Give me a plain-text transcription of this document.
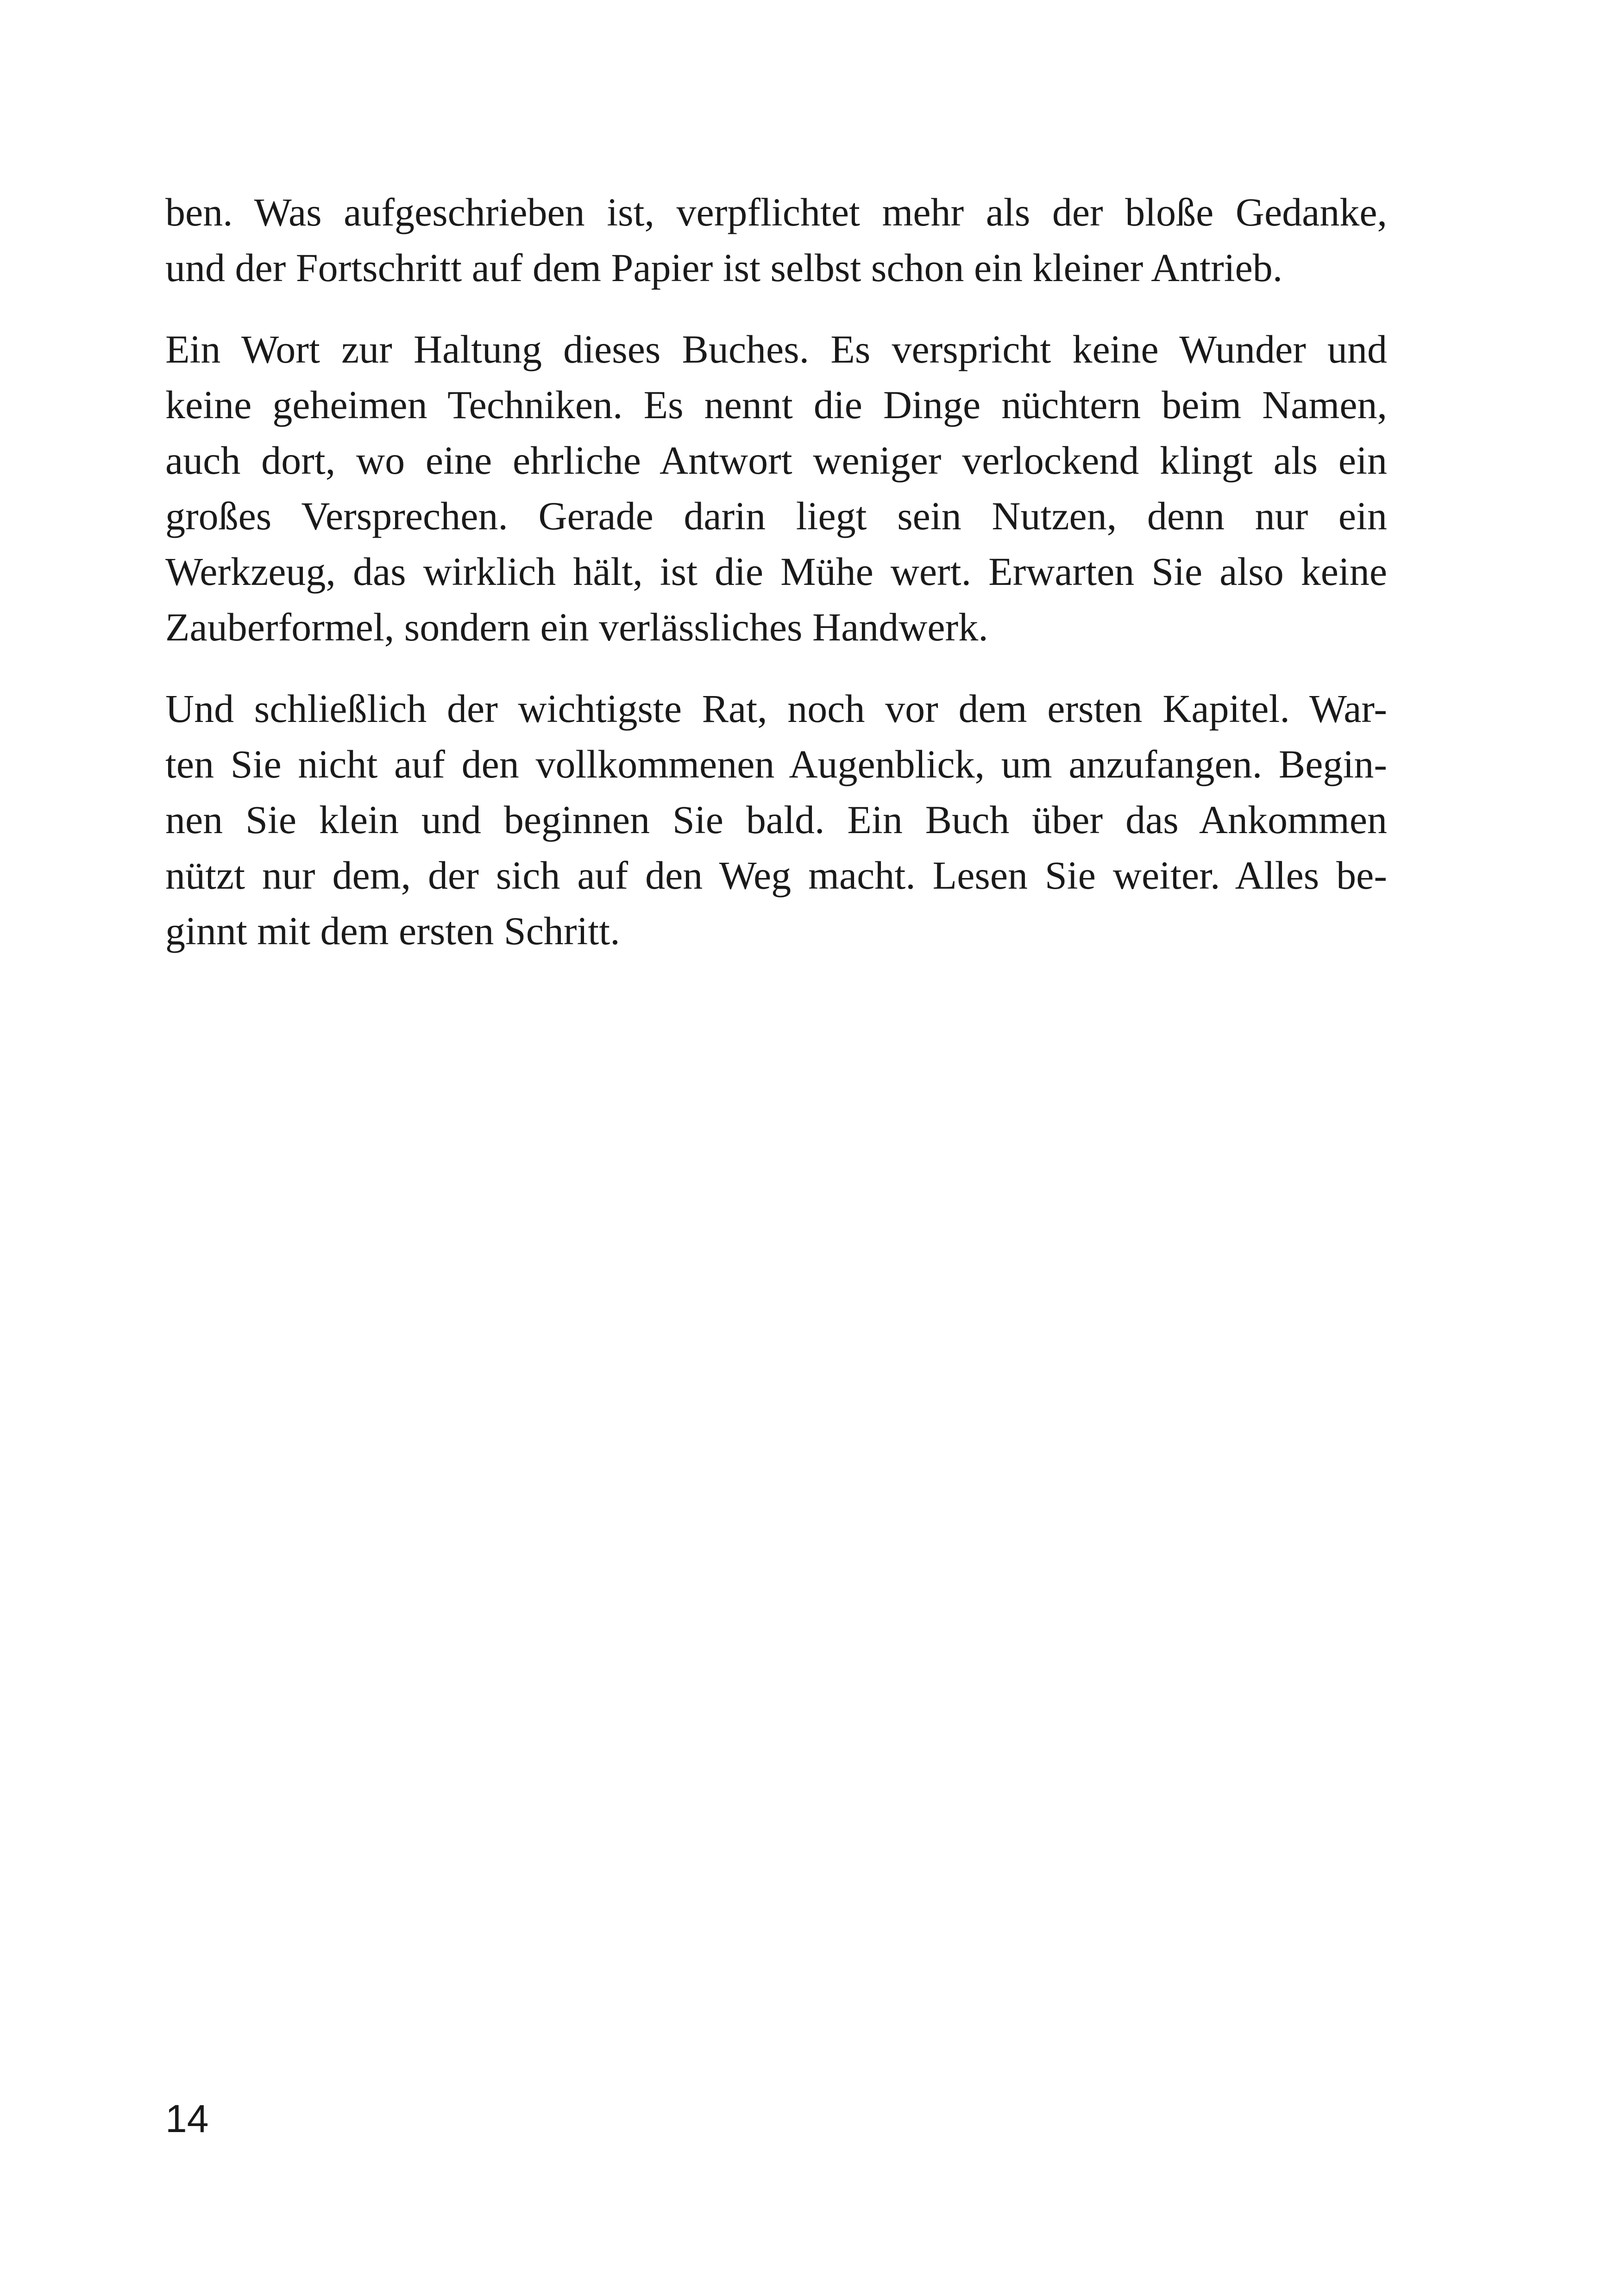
ben. Was aufgeschrieben ist, verpflichtet mehr als der bloße Gedanke,
und der Fortschritt auf dem Papier ist selbst schon ein kleiner Antrieb.
Ein Wort zur Haltung dieses Buches. Es verspricht keine Wunder und
keine geheimen Techniken. Es nennt die Dinge nüchtern beim Namen,
auch dort, wo eine ehrliche Antwort weniger verlockend klingt als ein
großes Versprechen. Gerade darin liegt sein Nutzen, denn nur ein
Werkzeug, das wirklich hält, ist die Mühe wert. Erwarten Sie also keine
Zauberformel, sondern ein verlässliches Handwerk.
Und schließlich der wichtigste Rat, noch vor dem ersten Kapitel. War-
ten Sie nicht auf den vollkommenen Augenblick, um anzufangen. Begin-
nen Sie klein und beginnen Sie bald. Ein Buch über das Ankommen
nützt nur dem, der sich auf den Weg macht. Lesen Sie weiter. Alles be-
ginnt mit dem ersten Schritt.
14
